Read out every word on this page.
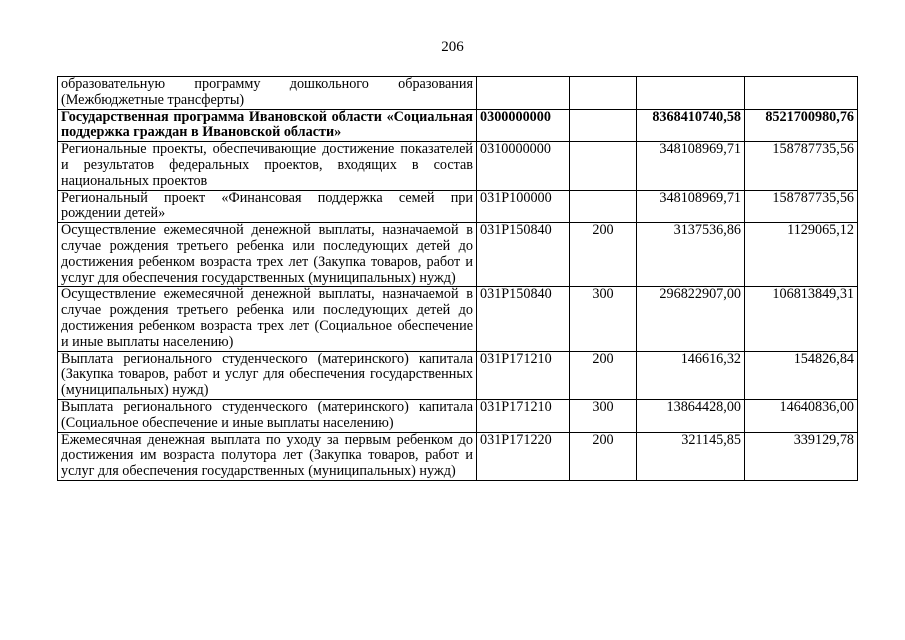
206
образовательную программу дошкольного образования (Межбюджетные трансферты)				
Государственная программа Ивановской области «Социальная поддержка граждан в Ивановской области»	0300000000		8368410740,58	8521700980,76
Региональные проекты, обеспечивающие достижение показателей и результатов федеральных проектов, входящих в состав национальных проектов	0310000000		348108969,71	158787735,56
Региональный проект «Финансовая поддержка семей при рождении детей»	031P100000		348108969,71	158787735,56
Осуществление ежемесячной денежной выплаты, назначаемой в случае рождения третьего ребенка или последующих детей до достижения ребенком возраста трех лет (Закупка товаров, работ и услуг для обеспечения государственных (муниципальных) нужд)	031P150840	200	3137536,86	1129065,12
Осуществление ежемесячной денежной выплаты, назначаемой в случае рождения третьего ребенка или последующих детей до достижения ребенком возраста трех лет (Социальное обеспечение и иные выплаты населению)	031P150840	300	296822907,00	106813849,31
Выплата регионального студенческого (материнского) капитала (Закупка товаров, работ и услуг для обеспечения государственных (муниципальных) нужд)	031P171210	200	146616,32	154826,84
Выплата регионального студенческого (материнского) капитала (Социальное обеспечение и иные выплаты населению)	031P171210	300	13864428,00	14640836,00
Ежемесячная денежная выплата по уходу за первым ребенком до достижения им возраста полутора лет (Закупка товаров, работ и услуг для обеспечения государственных (муниципальных) нужд)	031P171220	200	321145,85	339129,78
